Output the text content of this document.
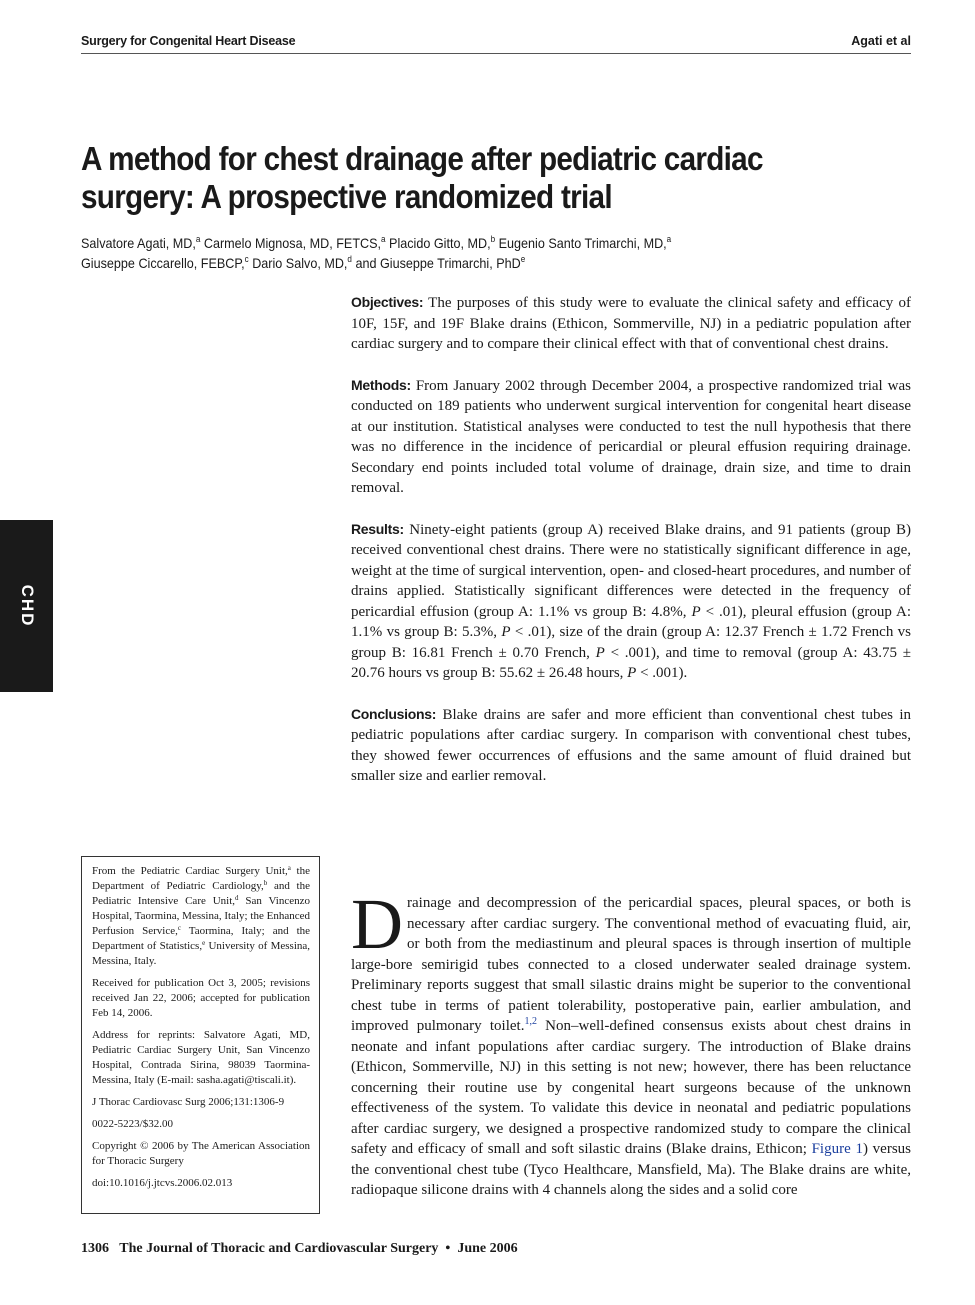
Surgery for Congenital Heart Disease	Agati et al
A method for chest drainage after pediatric cardiac surgery: A prospective randomized trial
Salvatore Agati, MD,$^a$ Carmelo Mignosa, MD, FETCS,$^a$ Placido Gitto, MD,$^b$ Eugenio Santo Trimarchi, MD,$^a$
Giuseppe Ciccarello, FEBCP,$^c$ Dario Salvo, MD,$^d$ and Giuseppe Trimarchi, PhD$^e$

Objectives: The purposes of this study were to evaluate the clinical safety and efficacy of 10F, 15F, and 19F Blake drains (Ethicon, Sommerville, NJ) in a pediatric population after cardiac surgery and to compare their clinical effect with that of conventional chest drains.

Methods: From January 2002 through December 2004, a prospective randomized trial was conducted on 189 patients who underwent surgical intervention for congenital heart disease at our institution. Statistical analyses were conducted to test the null hypothesis that there was no difference in the incidence of pericardial or pleural effusion requiring drainage. Secondary end points included total volume of drainage, drain size, and time to drain removal.

Results: Ninety-eight patients (group A) received Blake drains, and 91 patients (group B) received conventional chest drains. There were no statistically significant difference in age, weight at the time of surgical intervention, open- and closed-heart procedures, and number of drains applied. Statistically significant differences were detected in the frequency of pericardial effusion (group A: 1.1% vs group B: 4.8%, P < .01), pleural effusion (group A: 1.1% vs group B: 5.3%, P < .01), size of the drain (group A: 12.37 French ± 1.72 French vs group B: 16.81 French ± 0.70 French, P < .001), and time to removal (group A: 43.75 ± 20.76 hours vs group B: 55.62 ± 26.48 hours, P < .001).

Conclusions: Blake drains are safer and more efficient than conventional chest tubes in pediatric populations after cardiac surgery. In comparison with conventional chest tubes, they showed fewer occurrences of effusions and the same amount of fluid drained but smaller size and earlier removal.

CHD

From the Pediatric Cardiac Surgery Unit,$^a$ the Department of Pediatric Cardiology,$^b$ and the Pediatric Intensive Care Unit,$^d$ San Vincenzo Hospital, Taormina, Messina, Italy; the Enhanced Perfusion Service,$^c$ Taormina, Italy; and the Department of Statistics,$^e$ University of Messina, Messina, Italy.

Received for publication Oct 3, 2005; revisions received Jan 22, 2006; accepted for publication Feb 14, 2006.

Address for reprints: Salvatore Agati, MD, Pediatric Cardiac Surgery Unit, San Vincenzo Hospital, Contrada Sirina, 98039 Taormina-Messina, Italy (E-mail: sasha.agati@tiscali.it).

J Thorac Cardiovasc Surg 2006;131:1306-9

0022-5223/$32.00

Copyright © 2006 by The American Association for Thoracic Surgery

doi:10.1016/j.jtcvs.2006.02.013

Drainage and decompression of the pericardial spaces, pleural spaces, or both is necessary after cardiac surgery. The conventional method of evacuating fluid, air, or both from the mediastinum and pleural spaces is through insertion of multiple large-bore semirigid tubes connected to a closed underwater sealed drainage system. Preliminary reports suggest that small silastic drains might be superior to the conventional chest tube in terms of patient tolerability, postoperative pain, earlier ambulation, and improved pulmonary toilet.$^{1,2}$ Non–well-defined consensus exists about chest drains in neonate and infant populations after cardiac surgery. The introduction of Blake drains (Ethicon, Sommerville, NJ) in this setting is not new; however, there has been reluctance concerning their routine use by congenital heart surgeons because of the unknown effectiveness of the system. To validate this device in neonatal and pediatric populations after cardiac surgery, we designed a prospective randomized study to compare the clinical safety and efficacy of small and soft silastic drains (Blake drains, Ethicon; Figure 1) versus the conventional chest tube (Tyco Healthcare, Mansfield, Ma). The Blake drains are white, radiopaque silicone drains with 4 channels along the sides and a solid core

1306 The Journal of Thoracic and Cardiovascular Surgery • June 2006
